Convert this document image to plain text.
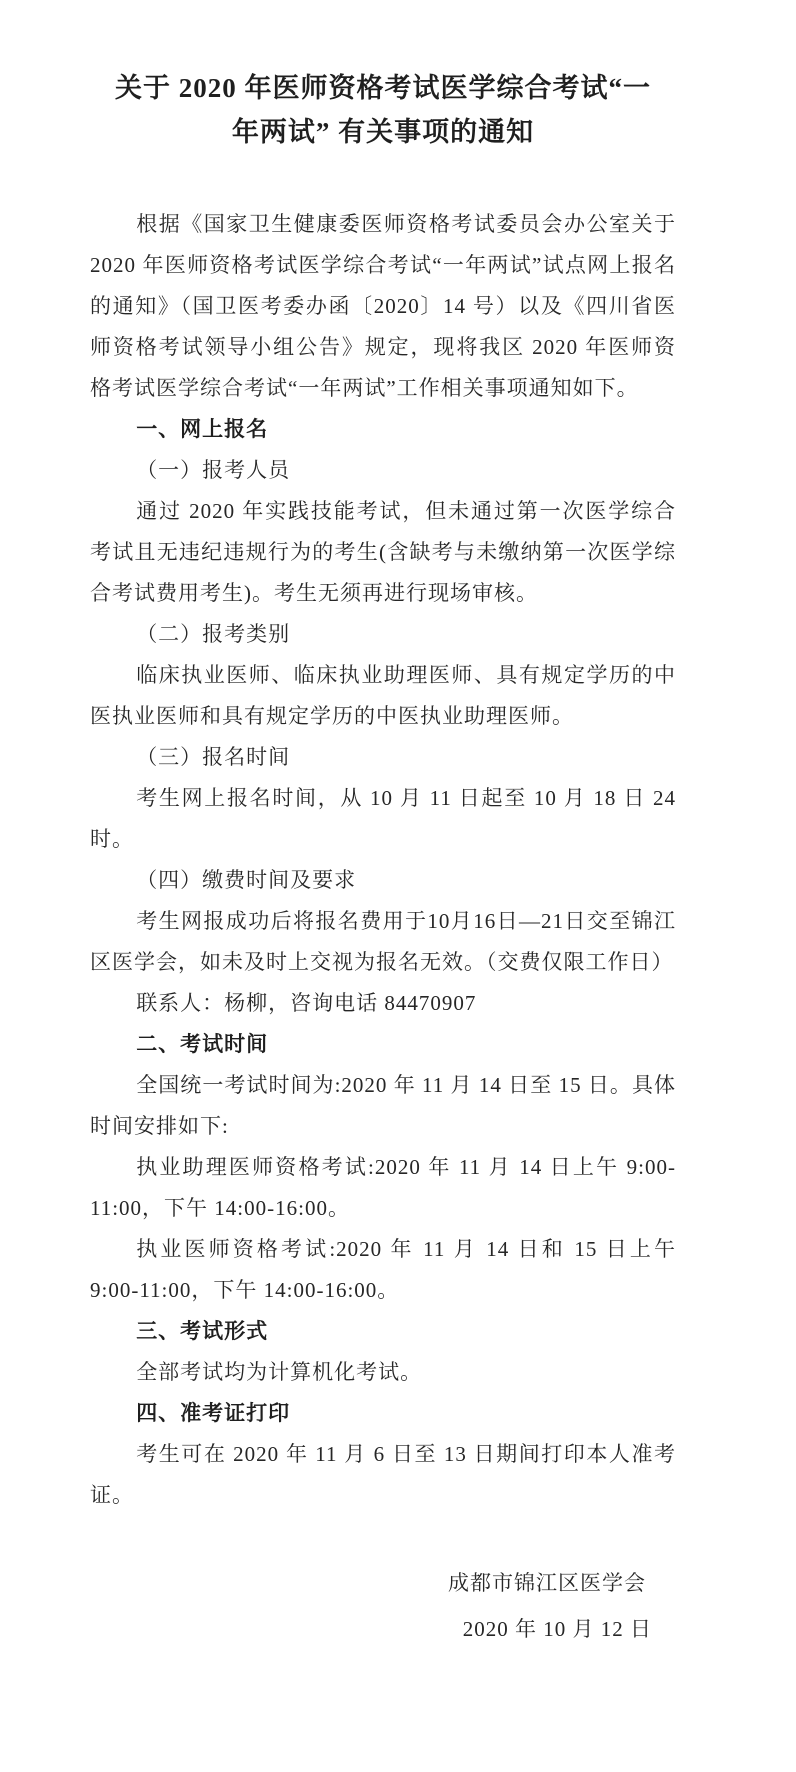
关于 2020 年医师资格考试医学综合考试“一
年两试” 有关事项的通知

根据《国家卫生健康委医师资格考试委员会办公室关于 2020 年医师资格考试医学综合考试“一年两试”试点网上报名的通知》（国卫医考委办函〔2020〕14 号）以及《四川省医师资格考试领导小组公告》规定，现将我区 2020 年医师资格考试医学综合考试“一年两试”工作相关事项通知如下。

一、网上报名

（一）报考人员

通过 2020 年实践技能考试，但未通过第一次医学综合考试且无违纪违规行为的考生(含缺考与未缴纳第一次医学综合考试费用考生)。考生无须再进行现场审核。

（二）报考类别

临床执业医师、临床执业助理医师、具有规定学历的中医执业医师和具有规定学历的中医执业助理医师。

（三）报名时间

考生网上报名时间，从 10 月 11 日起至 10 月 18 日 24 时。

（四）缴费时间及要求

考生网报成功后将报名费用于10月16日—21日交至锦江区医学会，如未及时上交视为报名无效。（交费仅限工作日）

联系人：杨柳，咨询电话 84470907

二、考试时间

全国统一考试时间为:2020 年 11 月 14 日至 15 日。具体时间安排如下:

执业助理医师资格考试:2020 年 11 月 14 日上午 9:00-11:00，下午 14:00-16:00。

执业医师资格考试:2020 年 11 月 14 日和 15 日上午 9:00-11:00，下午 14:00-16:00。

三、考试形式

全部考试均为计算机化考试。

四、准考证打印

考生可在 2020 年 11 月 6 日至 13 日期间打印本人准考证。

成都市锦江区医学会

2020 年 10 月 12 日
